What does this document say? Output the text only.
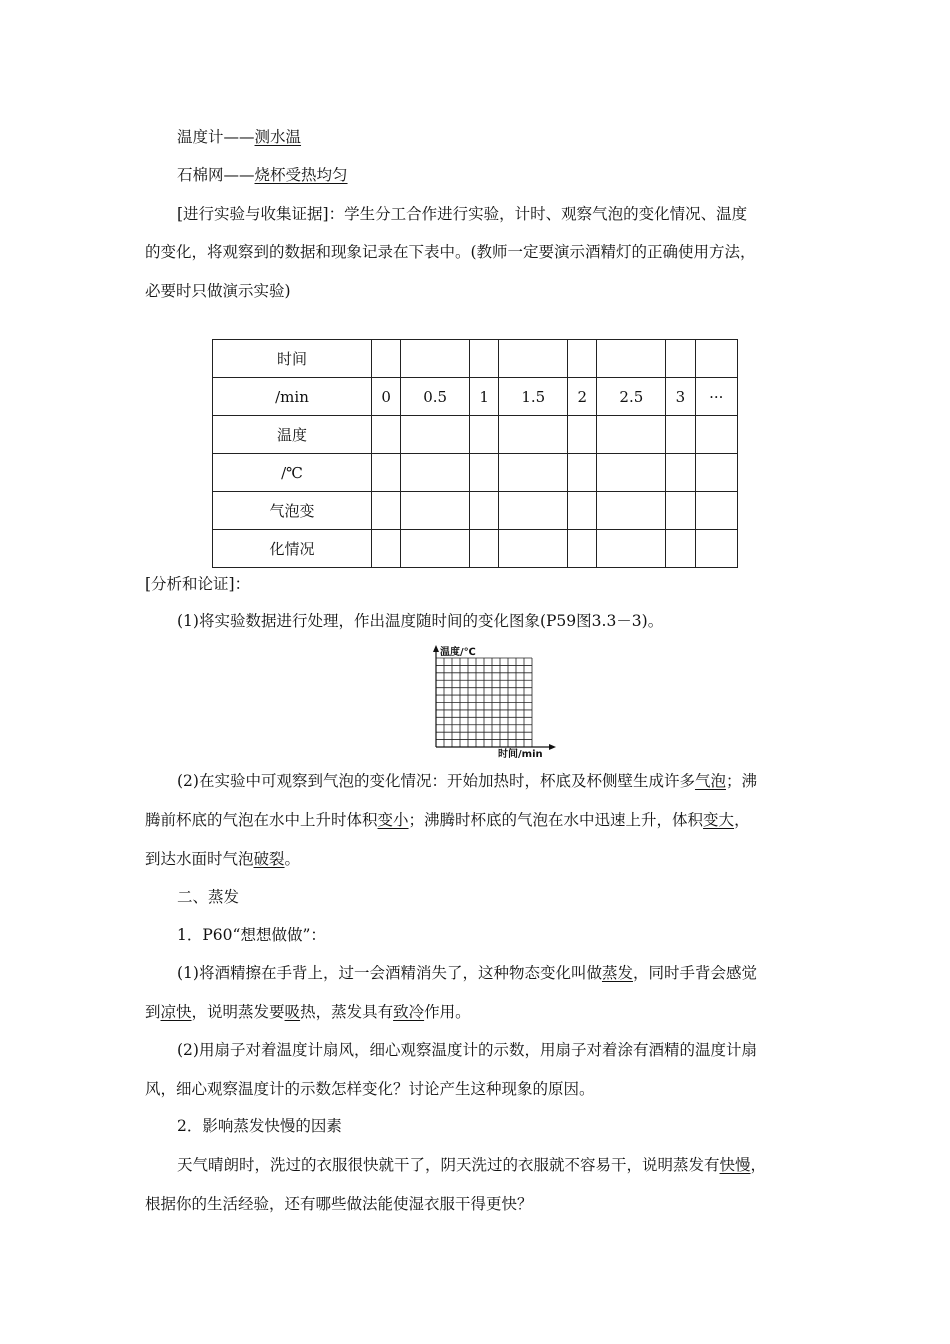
温度计——测水温
石棉网——烧杯受热均匀
[进行实验与收集证据]：学生分工合作进行实验，计时、观察气泡的变化情况、温度
的变化，将观察到的数据和现象记录在下表中。(教师一定要演示酒精灯的正确使用方法，
必要时只做演示实验)
时间								
/min	0	0.5	1	1.5	2	2.5	3	···
温度								
/℃								
气泡变								
化情况								
[分析和论证]：
(1)将实验数据进行处理，作出温度随时间的变化图象(P59图3.3－3)。
温度/℃
时间/min
(2)在实验中可观察到气泡的变化情况：开始加热时，杯底及杯侧壁生成许多气泡；沸
腾前杯底的气泡在水中上升时体积变小；沸腾时杯底的气泡在水中迅速上升，体积变大，
到达水面时气泡破裂。
二、蒸发
1．P60“想想做做”：
(1)将酒精擦在手背上，过一会酒精消失了，这种物态变化叫做蒸发，同时手背会感觉
到凉快，说明蒸发要吸热，蒸发具有致冷作用。
(2)用扇子对着温度计扇风，细心观察温度计的示数，用扇子对着涂有酒精的温度计扇
风，细心观察温度计的示数怎样变化？讨论产生这种现象的原因。
2．影响蒸发快慢的因素
天气晴朗时，洗过的衣服很快就干了，阴天洗过的衣服就不容易干，说明蒸发有快慢，
根据你的生活经验，还有哪些做法能使湿衣服干得更快？
